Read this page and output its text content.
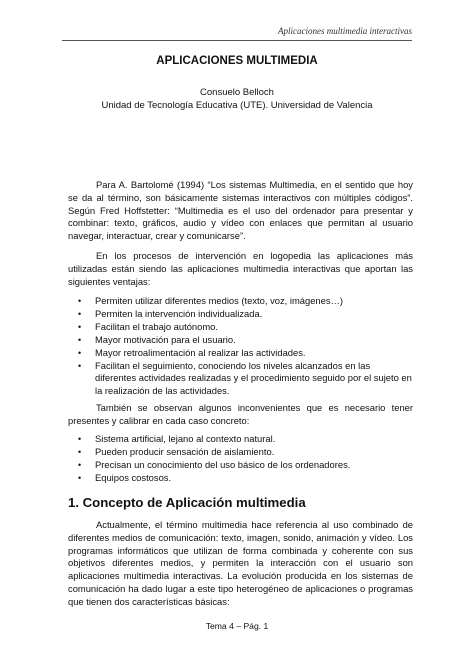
Aplicaciones multimedia interactivas
APLICACIONES MULTIMEDIA
Consuelo Belloch
Unidad de Tecnología Educativa (UTE). Universidad de Valencia

Para A. Bartolomé (1994) “Los sistemas Multimedia, en el sentido que hoy se da al término, son básicamente sistemas interactivos con múltiples códigos”. Según Fred Hoffstetter: “Multimedia es el uso del ordenador para presentar y combinar: texto, gráficos, audio y vídeo con enlaces que permitan al usuario navegar, interactuar, crear y comunicarse”.

En los procesos de intervención en logopedia las aplicaciones más utilizadas están siendo las aplicaciones multimedia interactivas que aportan las siguientes ventajas:

• Permiten utilizar diferentes medios (texto, voz, imágenes…)
• Permiten la intervención individualizada.
• Facilitan el trabajo autónomo.
• Mayor motivación para el usuario.
• Mayor retroalimentación al realizar las actividades.
• Facilitan el seguimiento, conociendo los niveles alcanzados en las diferentes actividades realizadas y el procedimiento seguido por el sujeto en la realización de las actividades.

También se observan algunos inconvenientes que es necesario tener presentes y calibrar en cada caso concreto:

• Sistema artificial, lejano al contexto natural.
• Pueden producir sensación de aislamiento.
• Precisan un conocimiento del uso básico de los ordenadores.
• Equipos costosos.
1. Concepto de Aplicación multimedia

Actualmente, el término multimedia hace referencia al uso combinado de diferentes medios de comunicación: texto, imagen, sonido, animación y vídeo. Los programas informáticos que utilizan de forma combinada y coherente con sus objetivos diferentes medios, y permiten la interacción con el usuario son aplicaciones multimedia interactivas. La evolución producida en los sistemas de comunicación ha dado lugar a este tipo heterogéneo de aplicaciones o programas que tienen dos características básicas:

Tema 4 – Pág. 1
